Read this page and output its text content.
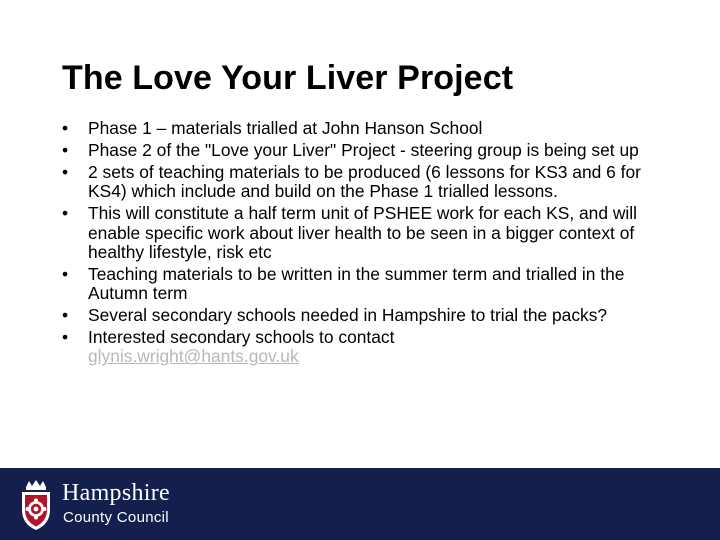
The Love Your Liver Project
• Phase 1 – materials trialled at John Hanson School
• Phase 2 of the "Love your Liver" Project - steering group is being set up
• 2 sets of teaching materials to be produced (6 lessons for KS3 and 6 for KS4) which include and build on the Phase 1 trialled lessons.
• This will constitute a half term unit of PSHEE work for each KS, and will enable specific work about liver health to be seen in a bigger context of healthy lifestyle, risk etc
• Teaching materials to be written in the summer term and trialled in the Autumn term
• Several secondary schools needed in Hampshire to trial the packs?
• Interested secondary schools to contact
glynis.wright@hants.gov.uk
Hampshire
County Council
